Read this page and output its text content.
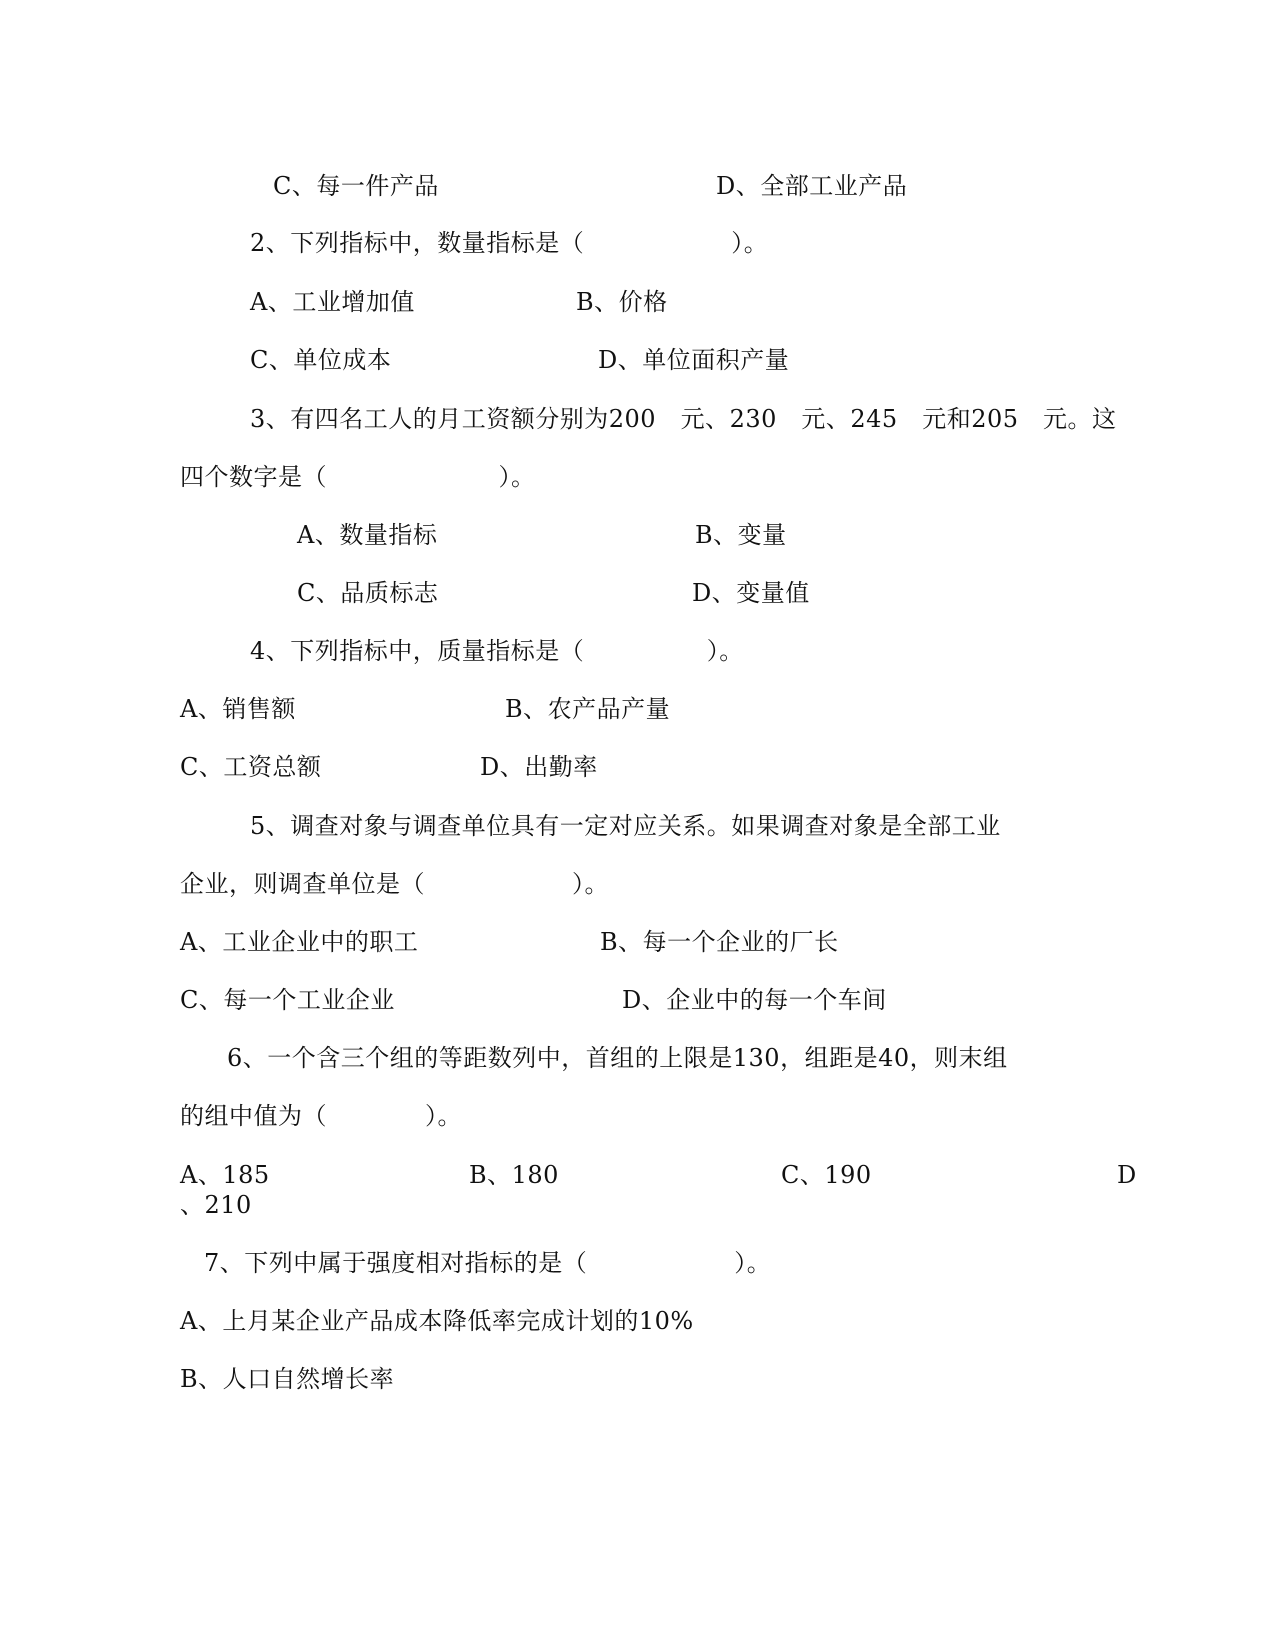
C、每一件产品	D、全部工业产品
2、下列指标中，数量指标是（　　　　　　）。
A、工业增加值	B、价格
C、单位成本	D、单位面积产量
3、有四名工人的月工资额分别为200　元、230　元、245　元和205　元。这
四个数字是（　　　　　　　）。
A、数量指标	B、变量
C、品质标志	D、变量值
4、下列指标中，质量指标是（　　　　　）。
A、销售额	B、农产品产量
C、工资总额	D、出勤率
5、调查对象与调查单位具有一定对应关系。如果调查对象是全部工业
企业，则调查单位是（　　　　　　）。
A、工业企业中的职工	B、每一个企业的厂长
C、每一个工业企业	D、企业中的每一个车间
6、一个含三个组的等距数列中，首组的上限是130，组距是40，则末组
的组中值为（　　　　）。
A、185	B、180	C、190	D
、210
7、下列中属于强度相对指标的是（　　　　　　）。
A、上月某企业产品成本降低率完成计划的10%
B、人口自然增长率
